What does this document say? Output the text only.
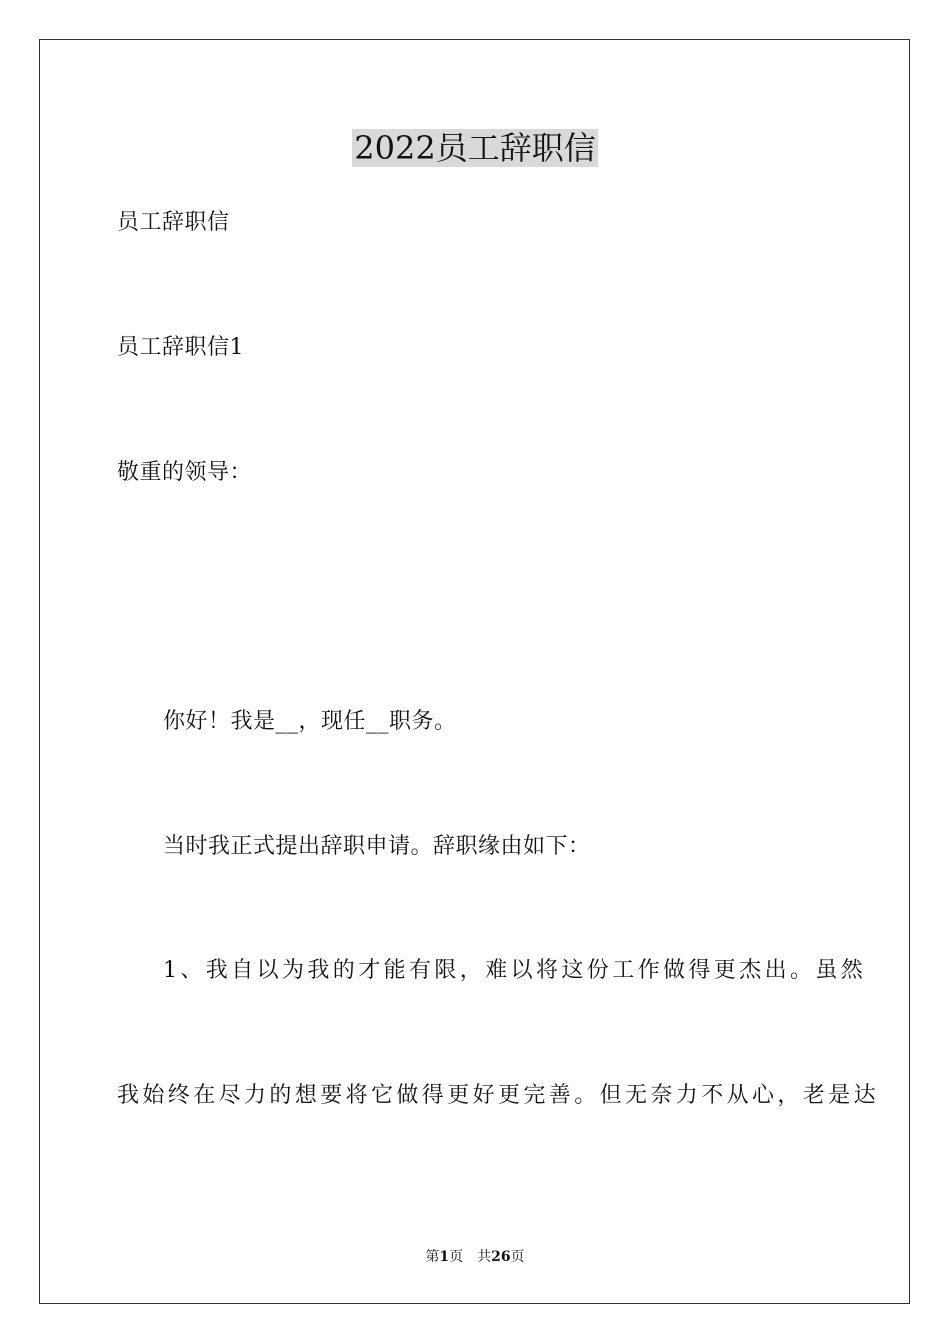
2022员工辞职信

员工辞职信

员工辞职信1

敬重的领导：

你好！我是__，现任__职务。

当时我正式提出辞职申请。辞职缘由如下：

1、我自以为我的才能有限，难以将这份工作做得更杰出。虽然

我始终在尽力的想要将它做得更好更完善。但无奈力不从心，老是达

第1页 共26页
